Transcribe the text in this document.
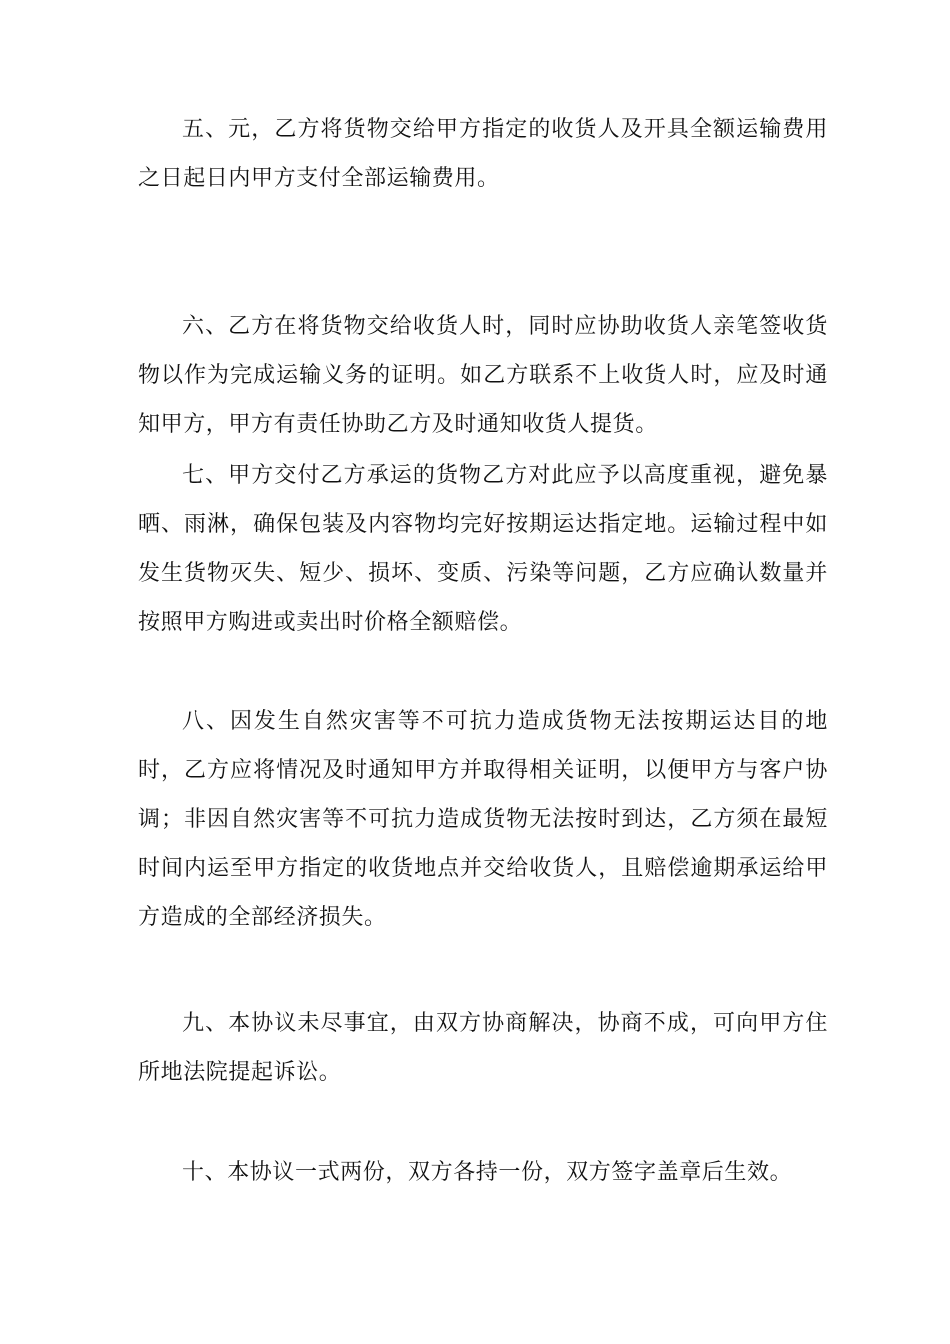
五、元，乙方将货物交给甲方指定的收货人及开具全额运输费用之日起日内甲方支付全部运输费用。

六、乙方在将货物交给收货人时，同时应协助收货人亲笔签收货物以作为完成运输义务的证明。如乙方联系不上收货人时，应及时通知甲方，甲方有责任协助乙方及时通知收货人提货。

七、甲方交付乙方承运的货物乙方对此应予以高度重视，避免暴晒、雨淋，确保包装及内容物均完好按期运达指定地。运输过程中如发生货物灭失、短少、损坏、变质、污染等问题，乙方应确认数量并按照甲方购进或卖出时价格全额赔偿。

八、因发生自然灾害等不可抗力造成货物无法按期运达目的地时，乙方应将情况及时通知甲方并取得相关证明，以便甲方与客户协调；非因自然灾害等不可抗力造成货物无法按时到达，乙方须在最短时间内运至甲方指定的收货地点并交给收货人，且赔偿逾期承运给甲方造成的全部经济损失。

九、本协议未尽事宜，由双方协商解决，协商不成，可向甲方住所地法院提起诉讼。

十、本协议一式两份，双方各持一份，双方签字盖章后生效。
